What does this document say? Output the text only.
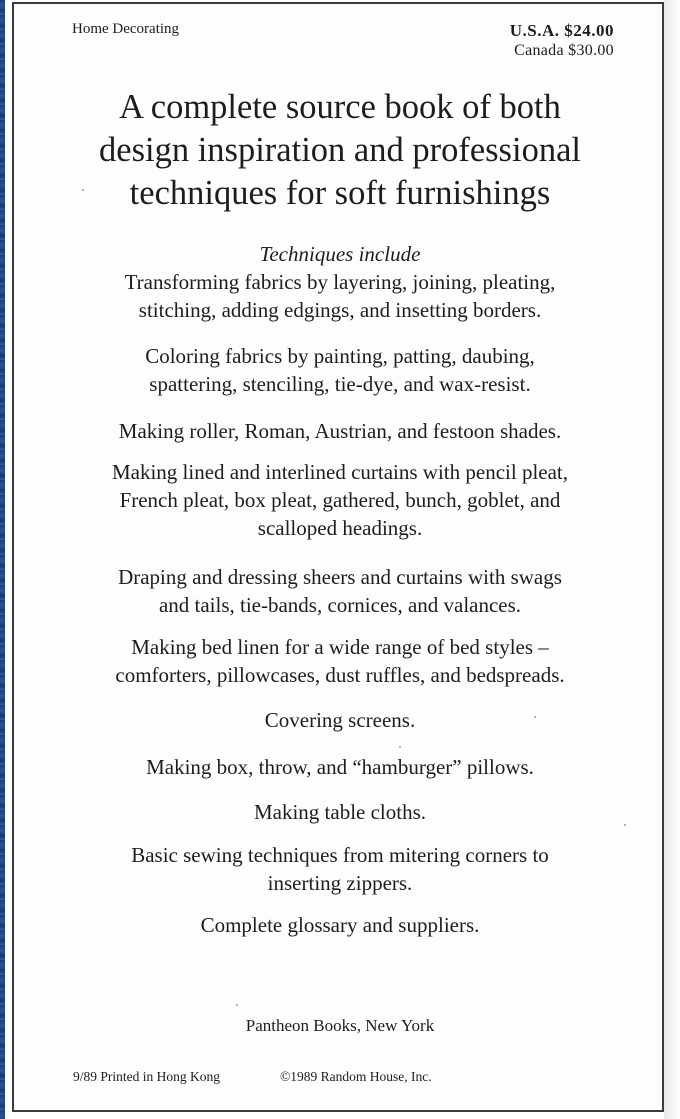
Home Decorating	U.S.A. $24.00
Canada $30.00
A complete source book of both
design inspiration and professional
techniques for soft furnishings
Techniques include
Transforming fabrics by layering, joining, pleating,
stitching, adding edgings, and insetting borders.
Coloring fabrics by painting, patting, daubing,
spattering, stenciling, tie-dye, and wax-resist.
Making roller, Roman, Austrian, and festoon shades.
Making lined and interlined curtains with pencil pleat,
French pleat, box pleat, gathered, bunch, goblet, and
scalloped headings.
Draping and dressing sheers and curtains with swags
and tails, tie-bands, cornices, and valances.
Making bed linen for a wide range of bed styles –
comforters, pillowcases, dust ruffles, and bedspreads.
Covering screens.
Making box, throw, and “hamburger” pillows.
Making table cloths.
Basic sewing techniques from mitering corners to
inserting zippers.
Complete glossary and suppliers.
Pantheon Books, New York
9/89 Printed in Hong Kong	©1989 Random House, Inc.
